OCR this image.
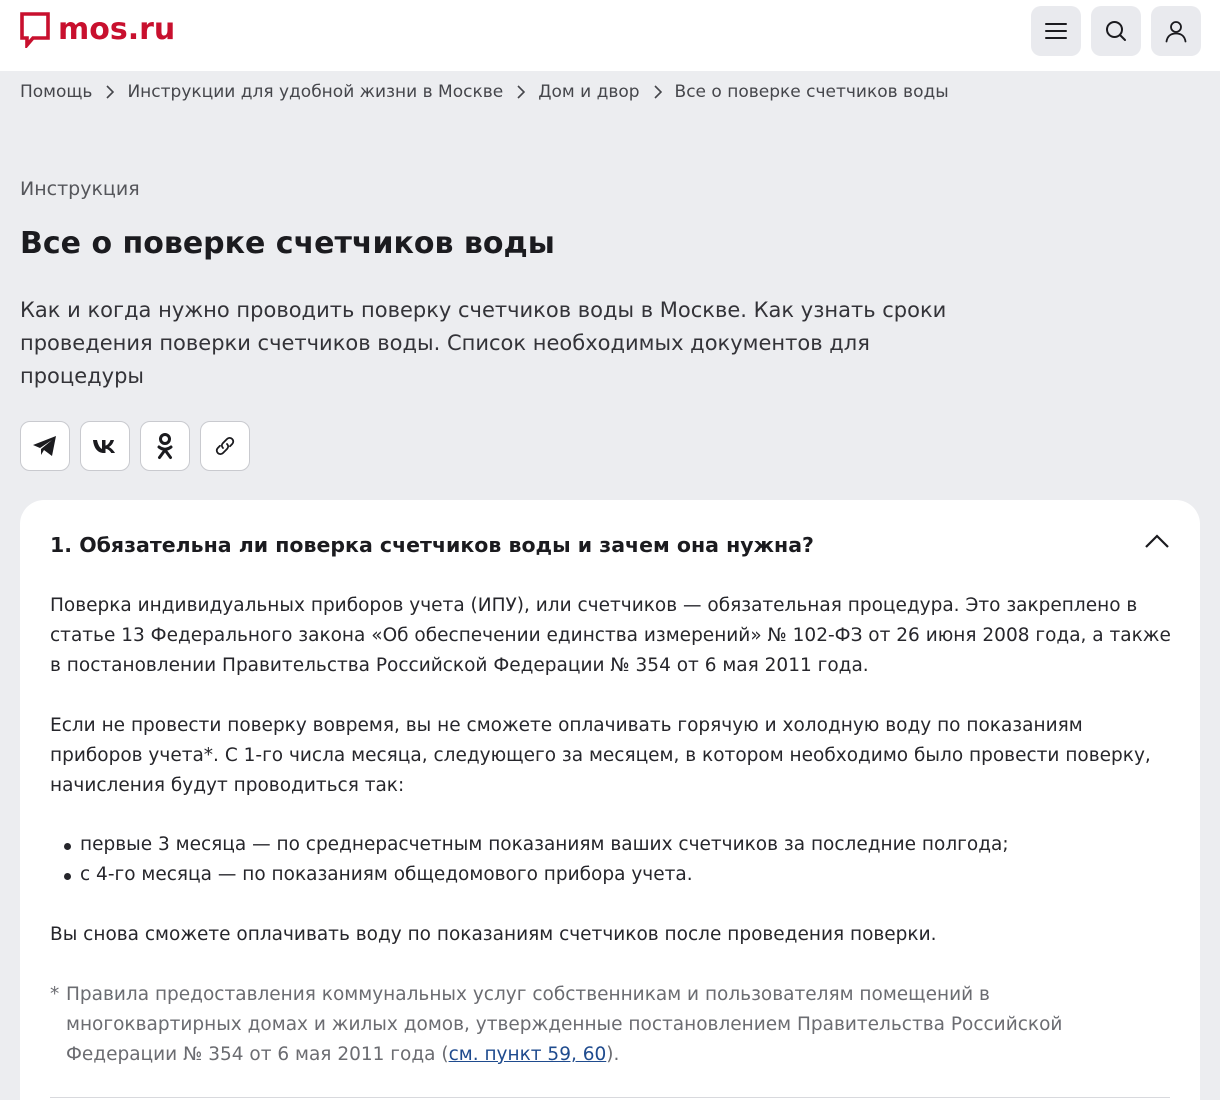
mos.ru
Помощь Инструкции для удобной жизни в Москве Дом и двор Все о поверке счетчиков воды
Инструкция
Все о поверке счетчиков воды

Как и когда нужно проводить поверку счетчиков воды в Москве. Как узнать сроки проведения поверки счетчиков воды. Список необходимых документов для процедуры

1. Обязательна ли поверка счетчиков воды и зачем она нужна?

Поверка индивидуальных приборов учета (ИПУ), или счетчиков — обязательная процедура. Это закреплено в статье 13 Федерального закона «Об обеспечении единства измерений» № 102-ФЗ от 26 июня 2008 года, а также в постановлении Правительства Российской Федерации № 354 от 6 мая 2011 года.

Если не провести поверку вовремя, вы не сможете оплачивать горячую и холодную воду по показаниям приборов учета*. С 1-го числа месяца, следующего за месяцем, в котором необходимо было провести поверку, начисления будут проводиться так:

первые 3 месяца — по среднерасчетным показаниям ваших счетчиков за последние полгода;
с 4-го месяца — по показаниям общедомового прибора учета.

Вы снова сможете оплачивать воду по показаниям счетчиков после проведения поверки.

* Правила предоставления коммунальных услуг собственникам и пользователям помещений в многоквартирных домах и жилых домов, утвержденные постановлением Правительства Российской Федерации № 354 от 6 мая 2011 года (см. пункт 59, 60).
